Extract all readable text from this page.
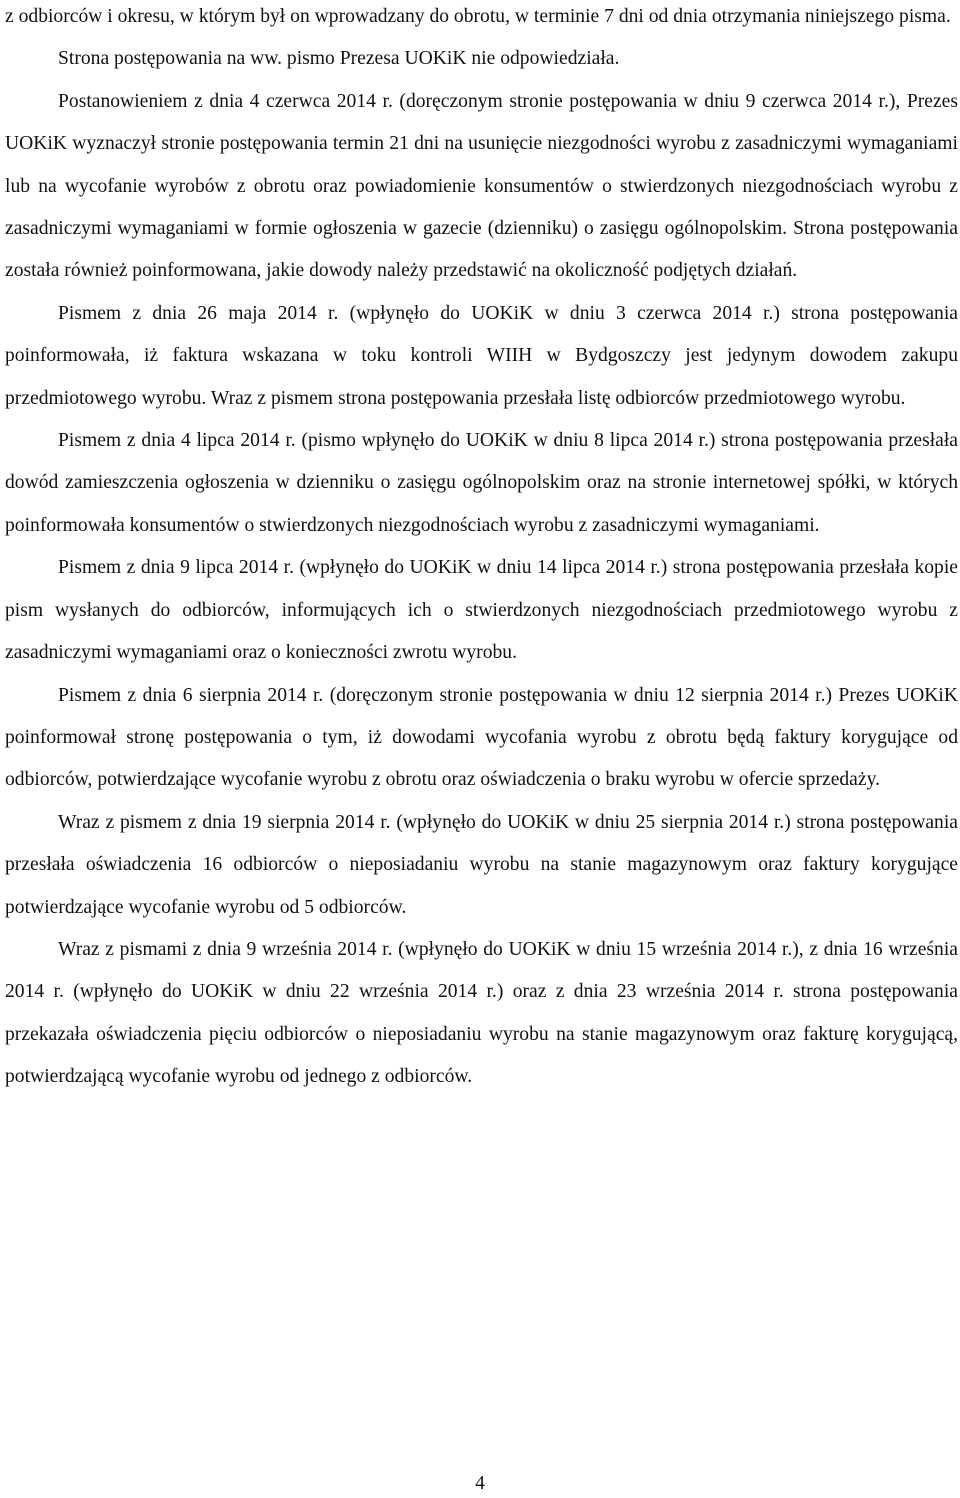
z odbiorców i okresu, w którym był on wprowadzany do obrotu, w terminie 7 dni od dnia otrzymania niniejszego pisma.

Strona postępowania na ww. pismo Prezesa UOKiK nie odpowiedziała.

Postanowieniem z dnia 4 czerwca 2014 r. (doręczonym stronie postępowania w dniu 9 czerwca 2014 r.), Prezes UOKiK wyznaczył stronie postępowania termin 21 dni na usunięcie niezgodności wyrobu z zasadniczymi wymaganiami lub na wycofanie wyrobów z obrotu oraz powiadomienie konsumentów o stwierdzonych niezgodnościach wyrobu z zasadniczymi wymaganiami w formie ogłoszenia w gazecie (dzienniku) o zasięgu ogólnopolskim. Strona postępowania została również poinformowana, jakie dowody należy przedstawić na okoliczność podjętych działań.

Pismem z dnia 26 maja 2014 r. (wpłynęło do UOKiK w dniu 3 czerwca 2014 r.) strona postępowania poinformowała, iż faktura wskazana w toku kontroli WIIH w Bydgoszczy jest jedynym dowodem zakupu przedmiotowego wyrobu. Wraz z pismem strona postępowania przesłała listę odbiorców przedmiotowego wyrobu.

Pismem z dnia 4 lipca 2014 r. (pismo wpłynęło do UOKiK w dniu 8 lipca 2014 r.) strona postępowania przesłała dowód zamieszczenia ogłoszenia w dzienniku o zasięgu ogólnopolskim oraz na stronie internetowej spółki, w których poinformowała konsumentów o stwierdzonych niezgodnościach wyrobu z zasadniczymi wymaganiami.

Pismem z dnia 9 lipca 2014 r. (wpłynęło do UOKiK w dniu 14 lipca 2014 r.) strona postępowania przesłała kopie pism wysłanych do odbiorców, informujących ich o stwierdzonych niezgodnościach przedmiotowego wyrobu z zasadniczymi wymaganiami oraz o konieczności zwrotu wyrobu.

Pismem z dnia 6 sierpnia 2014 r. (doręczonym stronie postępowania w dniu 12 sierpnia 2014 r.) Prezes UOKiK poinformował stronę postępowania o tym, iż dowodami wycofania wyrobu z obrotu będą faktury korygujące od odbiorców, potwierdzające wycofanie wyrobu z obrotu oraz oświadczenia o braku wyrobu w ofercie sprzedaży.

Wraz z pismem z dnia 19 sierpnia 2014 r. (wpłynęło do UOKiK w dniu 25 sierpnia 2014 r.) strona postępowania przesłała oświadczenia 16 odbiorców o nieposiadaniu wyrobu na stanie magazynowym oraz faktury korygujące potwierdzające wycofanie wyrobu od 5 odbiorców.

Wraz z pismami z dnia 9 września 2014 r. (wpłynęło do UOKiK w dniu 15 września 2014 r.), z dnia 16 września 2014 r. (wpłynęło do UOKiK w dniu 22 września 2014 r.) oraz z dnia 23 września 2014 r. strona postępowania przekazała oświadczenia pięciu odbiorców o nieposiadaniu wyrobu na stanie magazynowym oraz fakturę korygującą, potwierdzającą wycofanie wyrobu od jednego z odbiorców.

4
